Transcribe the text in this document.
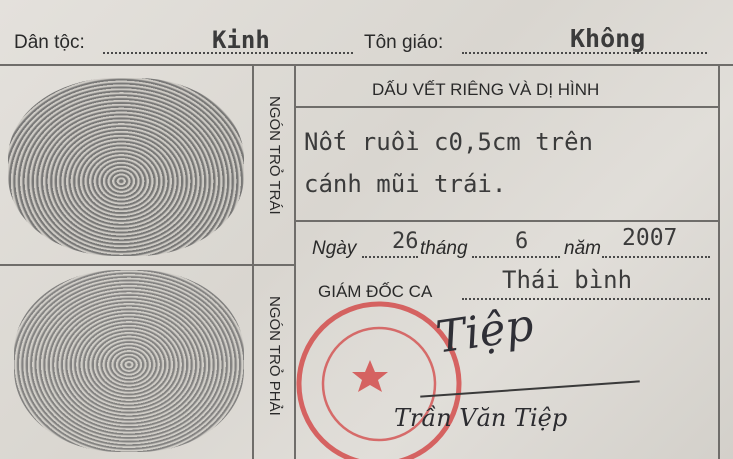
Dân tộc:	Kinh	Tôn giáo:	Không
NGÓN TRỎ TRÁI
NGÓN TRỎ PHẢI
DẤU VẾT RIÊNG VÀ DỊ HÌNH
Nốt ruồi c0,5cm trên
cánh mũi trái.
Ngày 26 tháng 6 năm 2007
GIÁM ĐỐC CA	Thái bình
Tiệp
Trần Văn Tiệp
